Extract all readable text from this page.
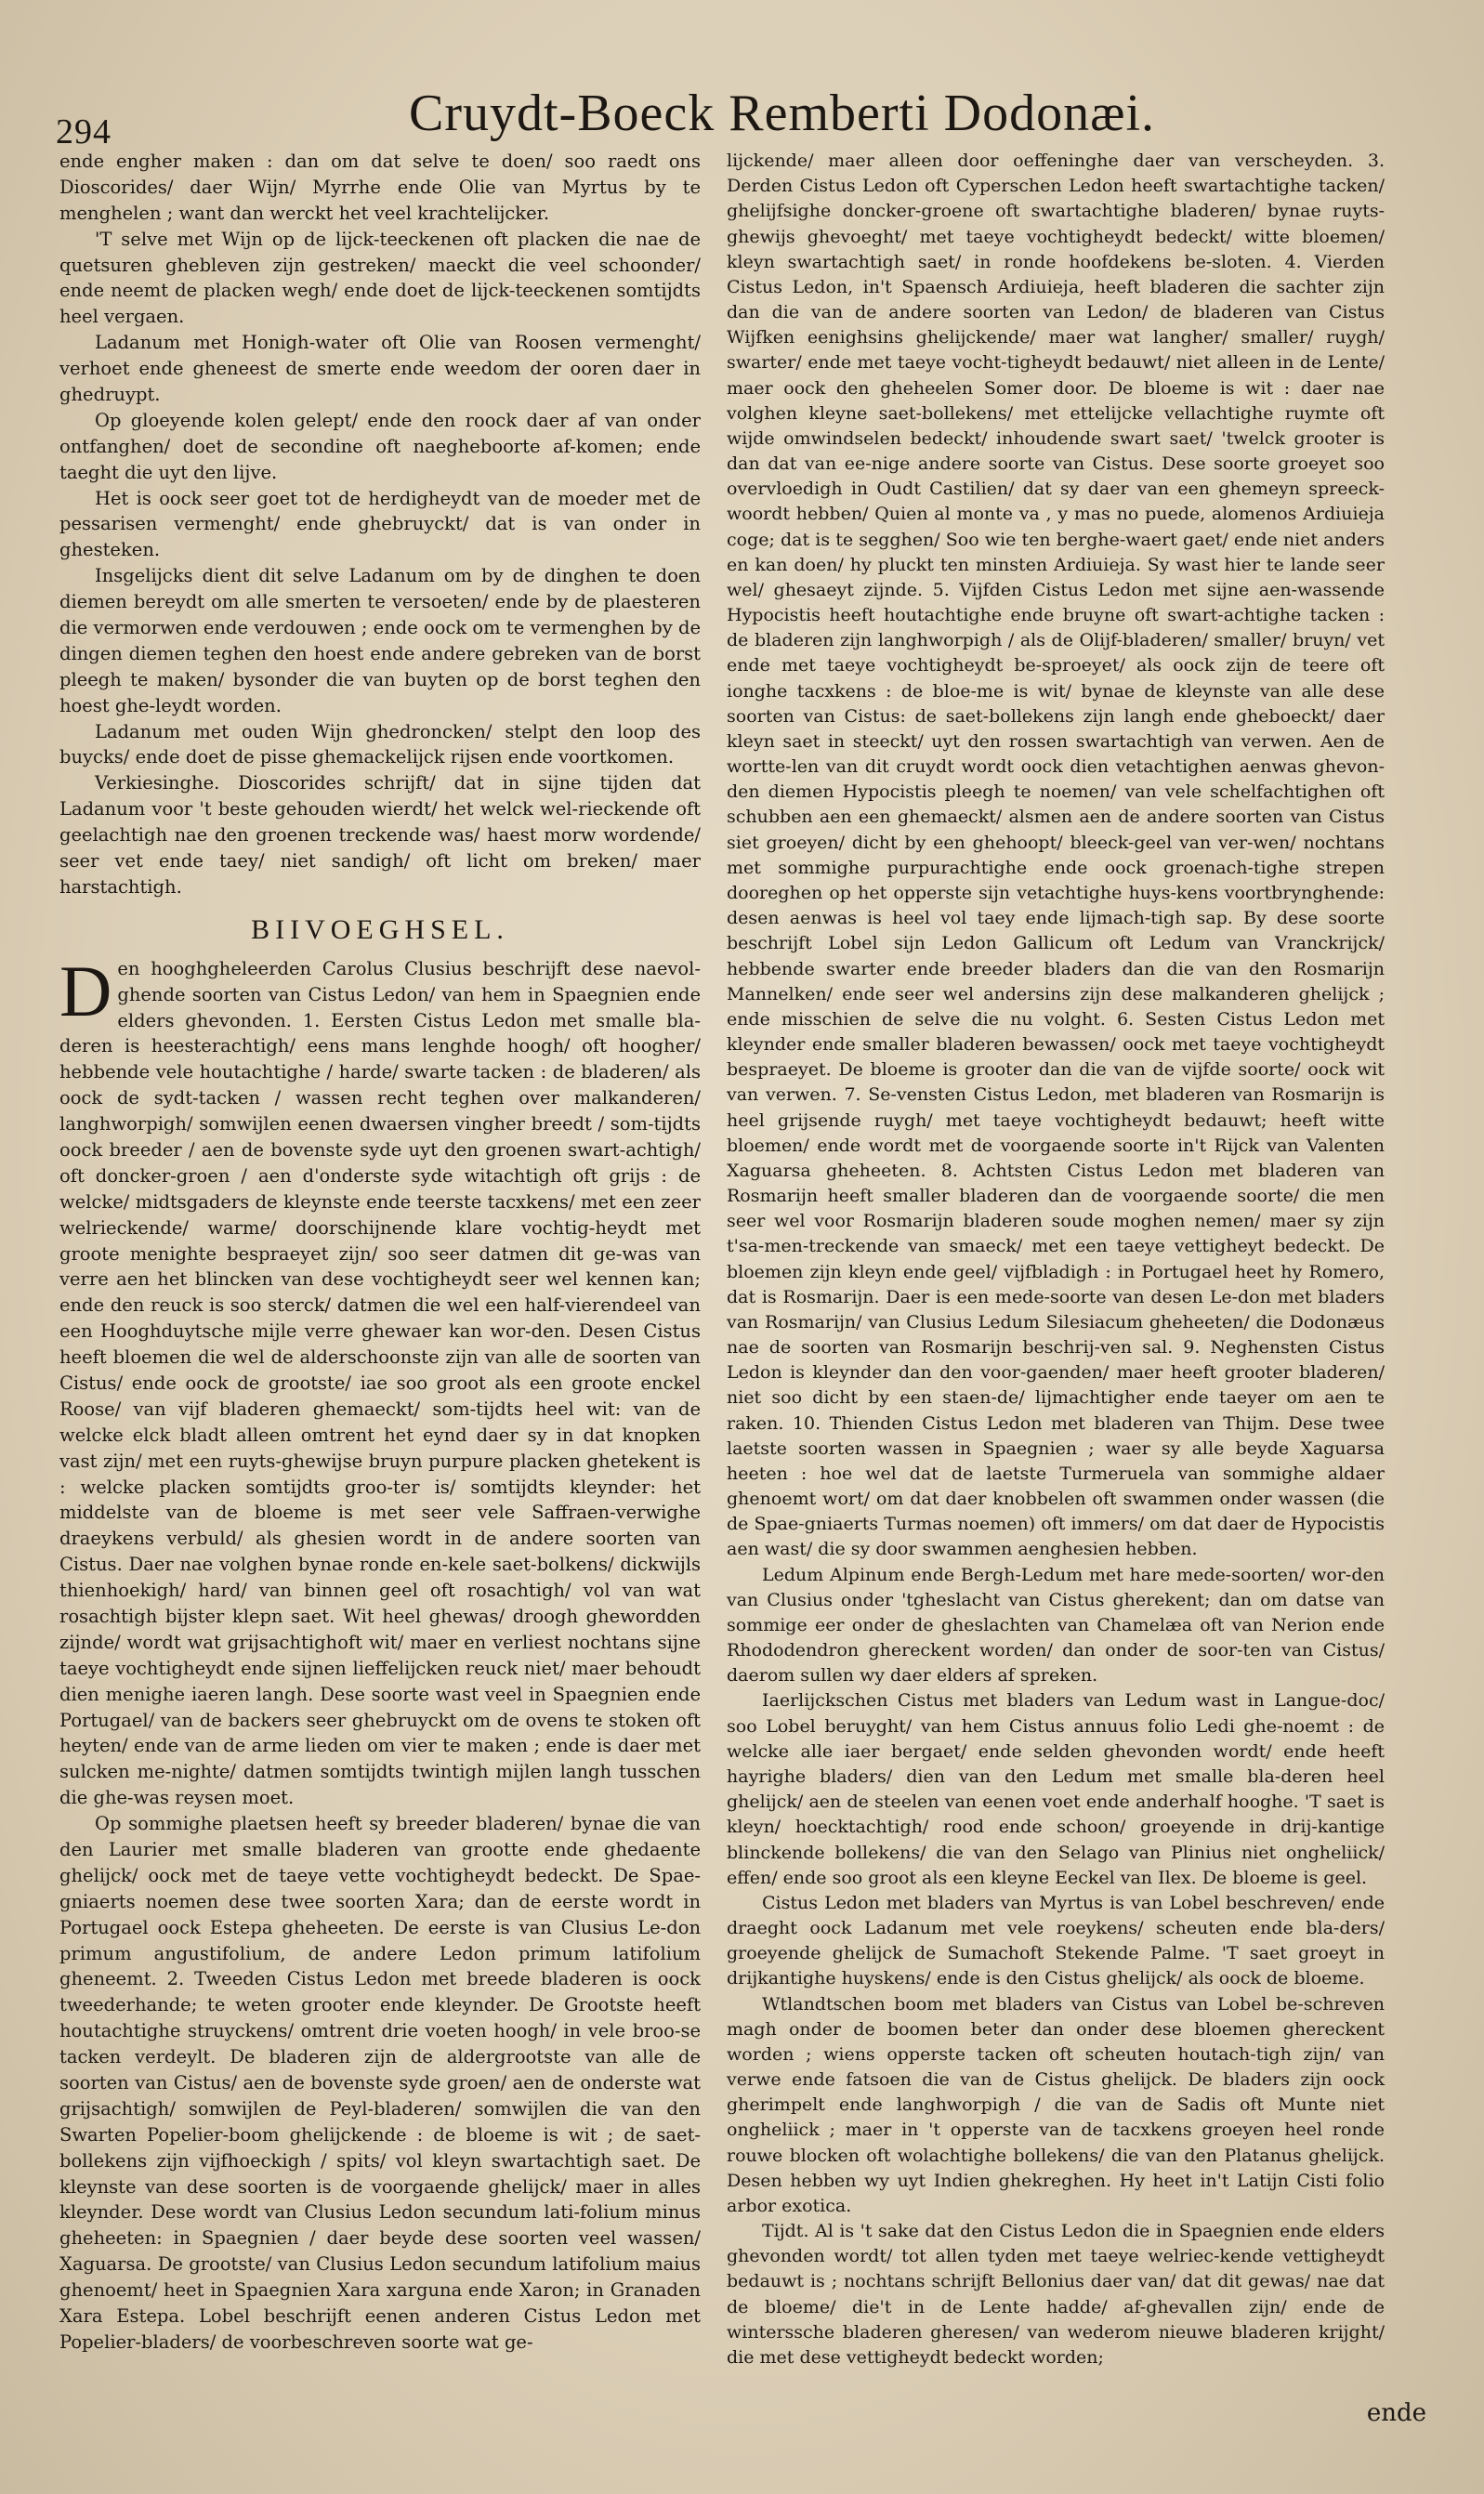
294	Cruydt-Boeck Remberti Dodonæi.

ende engher maken : dan om dat selve te doen/ soo raedt ons Dioscorides/ daer Wijn/ Myrrhe ende Olie van Myrtus by te menghelen ; want dan werckt het veel krachtelijcker.

'T selve met Wijn op de lijck-teeckenen oft placken die nae de quetsuren ghebleven zijn gestreken/ maeckt die veel schoonder/ ende neemt de placken wegh/ ende doet de lijck-teeckenen somtijdts heel vergaen.

Ladanum met Honigh-water oft Olie van Roosen vermenght/ verhoet ende gheneest de smerte ende weedom der ooren daer in ghedruypt.

Op gloeyende kolen gelept/ ende den roock daer af van onder ontfanghen/ doet de secondine oft naegheboorte af-komen; ende taeght die uyt den lijve.

Het is oock seer goet tot de herdigheydt van de moeder met de pessarisen vermenght/ ende ghebruyckt/ dat is van onder in ghesteken.

Insgelijcks dient dit selve Ladanum om by de dinghen te doen diemen bereydt om alle smerten te versoeten/ ende by de plaesteren die vermorwen ende verdouwen ; ende oock om te vermenghen by de dingen diemen teghen den hoest ende andere gebreken van de borst pleegh te maken/ bysonder die van buyten op de borst teghen den hoest ghe-leydt worden.

Ladanum met ouden Wijn ghedroncken/ stelpt den loop des buycks/ ende doet de pisse ghemackelijck rijsen ende voortkomen.

Verkiesinghe. Dioscorides schrijft/ dat in sijne tijden dat Ladanum voor 't beste gehouden wierdt/ het welck wel-rieckende oft geelachtigh nae den groenen treckende was/ haest morw wordende/ seer vet ende taey/ niet sandigh/ oft licht om breken/ maer harstachtigh.

BIIVOEGHSEL.

Den hooghgheleerden Carolus Clusius beschrijft dese naevol-ghende soorten van Cistus Ledon/ van hem in Spaegnien ende elders ghevonden. 1. Eersten Cistus Ledon met smalle bla-deren is heesterachtigh/ eens mans lenghde hoogh/ oft hoogher/ hebbende vele houtachtighe / harde/ swarte tacken : de bladeren/ als oock de sydt-tacken / wassen recht teghen over malkanderen/ langhworpigh/ somwijlen eenen dwaersen vingher breedt / som-tijdts oock breeder / aen de bovenste syde uyt den groenen swart-achtigh/ oft doncker-groen / aen d'onderste syde witachtigh oft grijs : de welcke/ midtsgaders de kleynste ende teerste tacxkens/ met een zeer welrieckende/ warme/ doorschijnende klare vochtig-heydt met groote menighte bespraeyet zijn/ soo seer datmen dit ge-was van verre aen het blincken van dese vochtigheydt seer wel kennen kan; ende den reuck is soo sterck/ datmen die wel een half-vierendeel van een Hooghduytsche mijle verre ghewaer kan wor-den. Desen Cistus heeft bloemen die wel de alderschoonste zijn van alle de soorten van Cistus/ ende oock de grootste/ iae soo groot als een groote enckel Roose/ van vijf bladeren ghemaeckt/ som-tijdts heel wit: van de welcke elck bladt alleen omtrent het eynd daer sy in dat knopken vast zijn/ met een ruyts-ghewijse bruyn purpure placken ghetekent is : welcke placken somtijdts groo-ter is/ somtijdts kleynder: het middelste van de bloeme is met seer vele Saffraen-verwighe draeykens verbuld/ als ghesien wordt in de andere soorten van Cistus. Daer nae volghen bynae ronde en-kele saet-bolkens/ dickwijls thienhoekigh/ hard/ van binnen geel oft rosachtigh/ vol van wat rosachtigh bijster klepn saet. Wit heel ghewas/ droogh ghewordden zijnde/ wordt wat grijsachtighoft wit/ maer en verliest nochtans sijne taeye vochtigheydt ende sijnen lieffelijcken reuck niet/ maer behoudt dien menighe iaeren langh. Dese soorte wast veel in Spaegnien ende Portugael/ van de backers seer ghebruyckt om de ovens te stoken oft heyten/ ende van de arme lieden om vier te maken ; ende is daer met sulcken me-nighte/ datmen somtijdts twintigh mijlen langh tusschen die ghe-was reysen moet.

Op sommighe plaetsen heeft sy breeder bladeren/ bynae die van den Laurier met smalle bladeren van grootte ende ghedaente ghelijck/ oock met de taeye vette vochtigheydt bedeckt. De Spae-gniaerts noemen dese twee soorten Xara; dan de eerste wordt in Portugael oock Estepa gheheeten. De eerste is van Clusius Le-don primum angustifolium, de andere Ledon primum latifolium gheneemt. 2. Tweeden Cistus Ledon met breede bladeren is oock tweederhande; te weten grooter ende kleynder. De Grootste heeft houtachtighe struyckens/ omtrent drie voeten hoogh/ in vele broo-se tacken verdeylt. De bladeren zijn de aldergrootste van alle de soorten van Cistus/ aen de bovenste syde groen/ aen de onderste wat grijsachtigh/ somwijlen de Peyl-bladeren/ somwijlen die van den Swarten Popelier-boom ghelijckende : de bloeme is wit ; de saet-bollekens zijn vijfhoeckigh / spits/ vol kleyn swartachtigh saet. De kleynste van dese soorten is de voorgaende ghelijck/ maer in alles kleynder. Dese wordt van Clusius Ledon secundum lati-folium minus gheheeten: in Spaegnien / daer beyde dese soorten veel wassen/ Xaguarsa. De grootste/ van Clusius Ledon secundum latifolium maius ghenoemt/ heet in Spaegnien Xara xarguna ende Xaron; in Granaden Xara Estepa. Lobel beschrijft eenen anderen Cistus Ledon met Popelier-bladers/ de voorbeschreven soorte wat ge-

lijckende/ maer alleen door oeffeninghe daer van verscheyden. 3. Derden Cistus Ledon oft Cyperschen Ledon heeft swartachtighe tacken/ ghelijfsighe doncker-groene oft swartachtighe bladeren/ bynae ruyts-ghewijs ghevoeght/ met taeye vochtigheydt bedeckt/ witte bloemen/ kleyn swartachtigh saet/ in ronde hoofdekens be-sloten. 4. Vierden Cistus Ledon, in't Spaensch Ardiuieja, heeft bladeren die sachter zijn dan die van de andere soorten van Ledon/ de bladeren van Cistus Wijfken eenighsins ghelijckende/ maer wat langher/ smaller/ ruygh/ swarter/ ende met taeye vocht-tigheydt bedauwt/ niet alleen in de Lente/ maer oock den gheheelen Somer door. De bloeme is wit : daer nae volghen kleyne saet-bollekens/ met ettelijcke vellachtighe ruymte oft wijde omwindselen bedeckt/ inhoudende swart saet/ 'twelck grooter is dan dat van ee-nige andere soorte van Cistus. Dese soorte groeyet soo overvloedigh in Oudt Castilien/ dat sy daer van een ghemeyn spreeck-woordt hebben/ Quien al monte va , y mas no puede, alomenos Ardiuieja coge; dat is te segghen/ Soo wie ten berghe-waert gaet/ ende niet anders en kan doen/ hy pluckt ten minsten Ardiuieja. Sy wast hier te lande seer wel/ ghesaeyt zijnde. 5. Vijfden Cistus Ledon met sijne aen-wassende Hypocistis heeft houtachtighe ende bruyne oft swart-achtighe tacken : de bladeren zijn langhworpigh / als de Olijf-bladeren/ smaller/ bruyn/ vet ende met taeye vochtigheydt be-sproeyet/ als oock zijn de teere oft ionghe tacxkens : de bloe-me is wit/ bynae de kleynste van alle dese soorten van Cistus: de saet-bollekens zijn langh ende gheboeckt/ daer kleyn saet in steeckt/ uyt den rossen swartachtigh van verwen. Aen de wortte-len van dit cruydt wordt oock dien vetachtighen aenwas ghevon-den diemen Hypocistis pleegh te noemen/ van vele schelfachtighen oft schubben aen een ghemaeckt/ alsmen aen de andere soorten van Cistus siet groeyen/ dicht by een ghehoopt/ bleeck-geel van ver-wen/ nochtans met sommighe purpurachtighe ende oock groenach-tighe strepen dooreghen op het opperste sijn vetachtighe huys-kens voortbrynghende: desen aenwas is heel vol taey ende lijmach-tigh sap. By dese soorte beschrijft Lobel sijn Ledon Gallicum oft Ledum van Vranckrijck/ hebbende swarter ende breeder bladers dan die van den Rosmarijn Mannelken/ ende seer wel andersins zijn dese malkanderen ghelijck ; ende misschien de selve die nu volght. 6. Sesten Cistus Ledon met kleynder ende smaller bladeren bewassen/ oock met taeye vochtigheydt bespraeyet. De bloeme is grooter dan die van de vijfde soorte/ oock wit van verwen. 7. Se-vensten Cistus Ledon, met bladeren van Rosmarijn is heel grijsende ruygh/ met taeye vochtigheydt bedauwt; heeft witte bloemen/ ende wordt met de voorgaende soorte in't Rijck van Valenten Xaguarsa gheheeten. 8. Achtsten Cistus Ledon met bladeren van Rosmarijn heeft smaller bladeren dan de voorgaende soorte/ die men seer wel voor Rosmarijn bladeren soude moghen nemen/ maer sy zijn t'sa-men-treckende van smaeck/ met een taeye vettigheyt bedeckt. De bloemen zijn kleyn ende geel/ vijfbladigh : in Portugael heet hy Romero, dat is Rosmarijn. Daer is een mede-soorte van desen Le-don met bladers van Rosmarijn/ van Clusius Ledum Silesiacum gheheeten/ die Dodonæus nae de soorten van Rosmarijn beschrij-ven sal. 9. Neghensten Cistus Ledon is kleynder dan den voor-gaenden/ maer heeft grooter bladeren/ niet soo dicht by een staen-de/ lijmachtigher ende taeyer om aen te raken. 10. Thienden Cistus Ledon met bladeren van Thijm. Dese twee laetste soorten wassen in Spaegnien ; waer sy alle beyde Xaguarsa heeten : hoe wel dat de laetste Turmeruela van sommighe aldaer ghenoemt wort/ om dat daer knobbelen oft swammen onder wassen (die de Spae-gniaerts Turmas noemen) oft immers/ om dat daer de Hypocistis aen wast/ die sy door swammen aenghesien hebben.

Ledum Alpinum ende Bergh-Ledum met hare mede-soorten/ wor-den van Clusius onder 'tgheslacht van Cistus gherekent; dan om datse van sommige eer onder de gheslachten van Chamelæa oft van Nerion ende Rhododendron ghereckent worden/ dan onder de soor-ten van Cistus/ daerom sullen wy daer elders af spreken.

Iaerlijckschen Cistus met bladers van Ledum wast in Langue-doc/ soo Lobel beruyght/ van hem Cistus annuus folio Ledi ghe-noemt : de welcke alle iaer bergaet/ ende selden ghevonden wordt/ ende heeft hayrighe bladers/ dien van den Ledum met smalle bla-deren heel ghelijck/ aen de steelen van eenen voet ende anderhalf hooghe. 'T saet is kleyn/ hoecktachtigh/ rood ende schoon/ groeyende in drij-kantige blinckende bollekens/ die van den Selago van Plinius niet ongheliick/ effen/ ende soo groot als een kleyne Eeckel van Ilex. De bloeme is geel.

Cistus Ledon met bladers van Myrtus is van Lobel beschreven/ ende draeght oock Ladanum met vele roeykens/ scheuten ende bla-ders/ groeyende ghelijck de Sumachoft Stekende Palme. 'T saet groeyt in drijkantighe huyskens/ ende is den Cistus ghelijck/ als oock de bloeme.

Wtlandtschen boom met bladers van Cistus van Lobel be-schreven magh onder de boomen beter dan onder dese bloemen ghereckent worden ; wiens opperste tacken oft scheuten houtach-tigh zijn/ van verwe ende fatsoen die van de Cistus ghelijck. De bladers zijn oock gherimpelt ende langhworpigh / die van de Sadis oft Munte niet ongheliick ; maer in 't opperste van de tacxkens groeyen heel ronde rouwe blocken oft wolachtighe bollekens/ die van den Platanus ghelijck. Desen hebben wy uyt Indien ghekreghen. Hy heet in't Latijn Cisti folio arbor exotica.

Tijdt. Al is 't sake dat den Cistus Ledon die in Spaegnien ende elders ghevonden wordt/ tot allen tyden met taeye welriec-kende vettigheydt bedauwt is ; nochtans schrijft Bellonius daer van/ dat dit gewas/ nae dat de bloeme/ die't in de Lente hadde/ af-ghevallen zijn/ ende de winterssche bladeren gheresen/ van wederom nieuwe bladeren krijght/ die met dese vettigheydt bedeckt worden;

ende
